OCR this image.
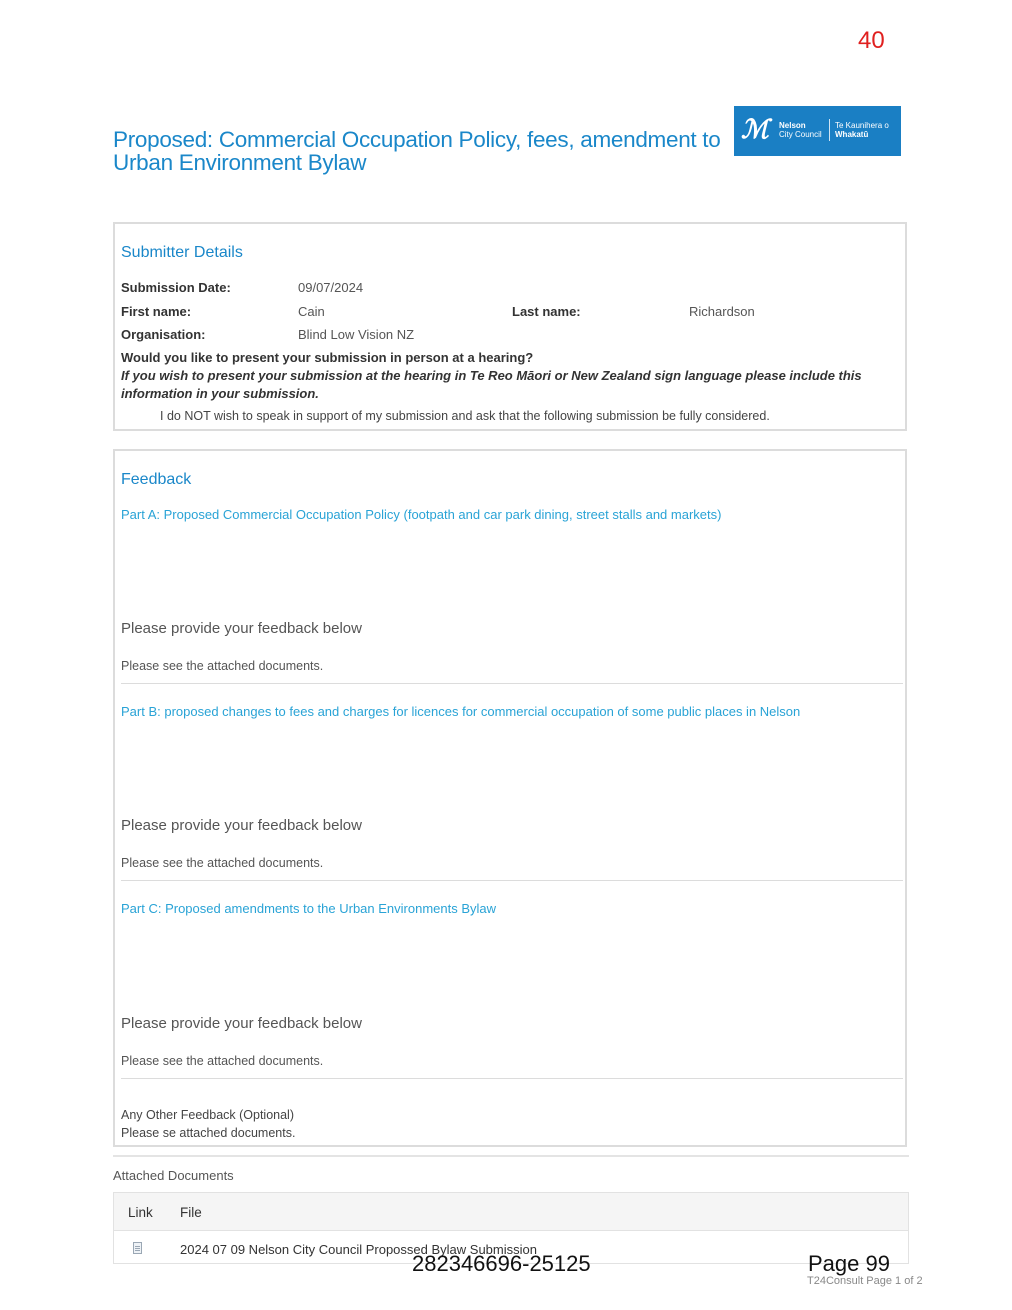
40
Proposed: Commercial Occupation Policy, fees, amendment to Urban Environment Bylaw
ℳ Nelson
City Council
Te Kaunihera o
Whakatū
Submitter Details
Submission Date:	09/07/2024
First name:	Cain	Last name:	Richardson
Organisation:	Blind Low Vision NZ
Would you like to present your submission in person at a hearing?
If you wish to present your submission at the hearing in Te Reo Māori or New Zealand sign language please include this information in your submission.
I do NOT wish to speak in support of my submission and ask that the following submission be fully considered.
Feedback
Part A: Proposed Commercial Occupation Policy (footpath and car park dining, street stalls and markets)
Please provide your feedback below
Please see the attached documents.
Part B: proposed changes to fees and charges for licences for commercial occupation of some public places in Nelson
Please provide your feedback below
Please see the attached documents.
Part C: Proposed amendments to the Urban Environments Bylaw
Please provide your feedback below
Please see the attached documents.
Any Other Feedback (Optional)
Please se attached documents.
Attached Documents
Link File
2024 07 09 Nelson City Council Propossed Bylaw Submission
282346696-25125	Page 99
T24Consult Page 1 of 2
